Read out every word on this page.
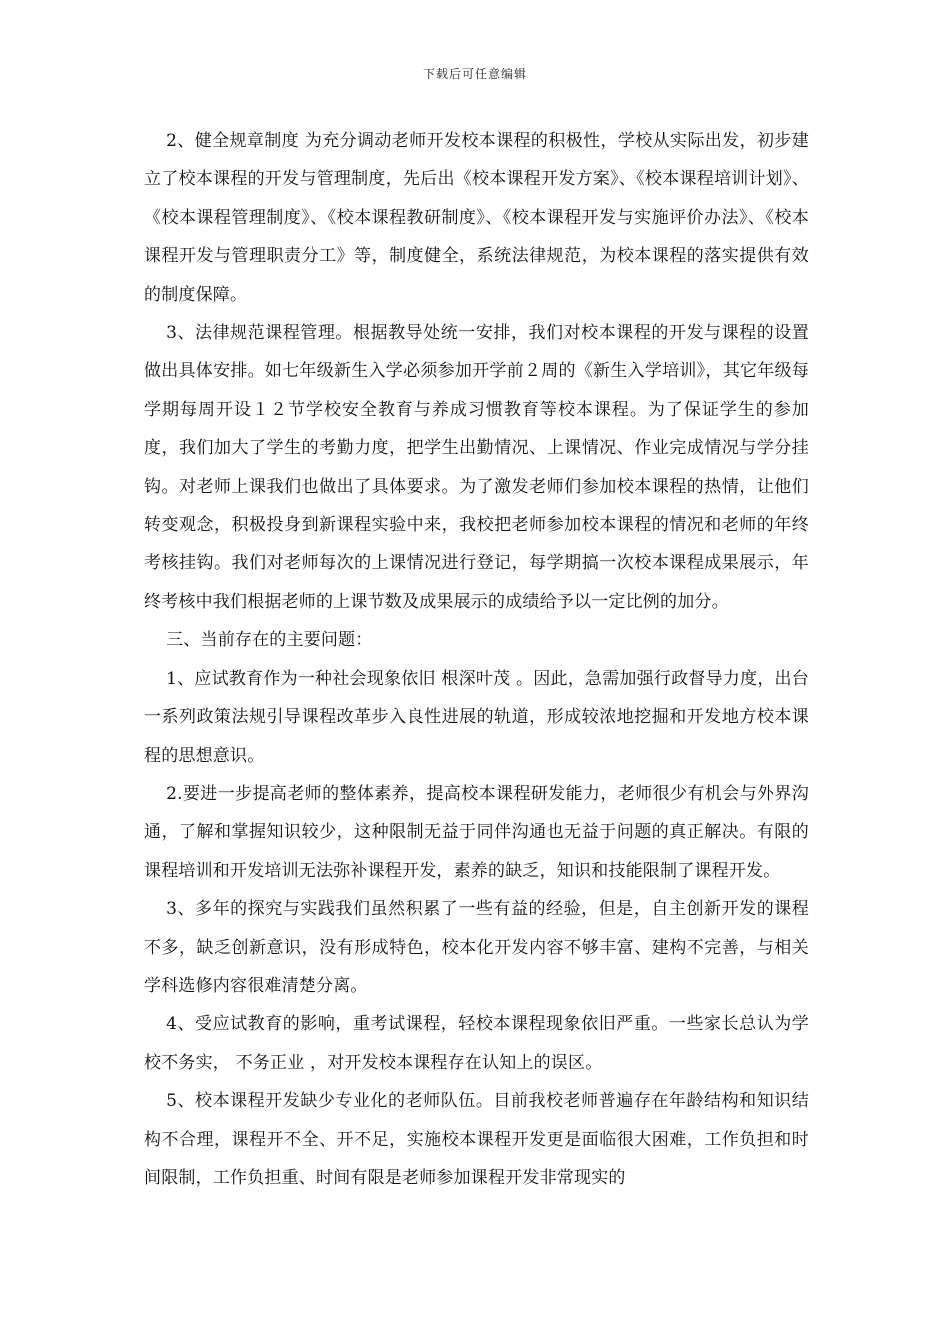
下载后可任意编辑

2、健全规章制度 为充分调动老师开发校本课程的积极性，学校从实际出发，初步建立了校本课程的开发与管理制度，先后出《校本课程开发方案》、《校本课程培训计划》、《校本课程管理制度》、《校本课程教研制度》、《校本课程开发与实施评价办法》、《校本课程开发与管理职责分工》等，制度健全，系统法律规范，为校本课程的落实提供有效的制度保障。

3、法律规范课程管理。根据教导处统一安排，我们对校本课程的开发与课程的设置做出具体安排。如七年级新生入学必须参加开学前２周的《新生入学培训》，其它年级每学期每周开设１２节学校安全教育与养成习惯教育等校本课程。为了保证学生的参加度，我们加大了学生的考勤力度，把学生出勤情况、上课情况、作业完成情况与学分挂钩。对老师上课我们也做出了具体要求。为了激发老师们参加校本课程的热情，让他们转变观念，积极投身到新课程实验中来，我校把老师参加校本课程的情况和老师的年终考核挂钩。我们对老师每次的上课情况进行登记，每学期搞一次校本课程成果展示，年终考核中我们根据老师的上课节数及成果展示的成绩给予以一定比例的加分。

三、当前存在的主要问题：

1、应试教育作为一种社会现象依旧 根深叶茂 。因此，急需加强行政督导力度，出台一系列政策法规引导课程改革步入良性进展的轨道，形成较浓地挖掘和开发地方校本课程的思想意识。

2.要进一步提高老师的整体素养，提高校本课程研发能力，老师很少有机会与外界沟通，了解和掌握知识较少，这种限制无益于同伴沟通也无益于问题的真正解决。有限的课程培训和开发培训无法弥补课程开发，素养的缺乏，知识和技能限制了课程开发。

3、多年的探究与实践我们虽然积累了一些有益的经验，但是，自主创新开发的课程不多，缺乏创新意识，没有形成特色，校本化开发内容不够丰富、建构不完善，与相关学科选修内容很难清楚分离。

4、受应试教育的影响，重考试课程，轻校本课程现象依旧严重。一些家长总认为学校不务实， 不务正业 ，对开发校本课程存在认知上的误区。

5、校本课程开发缺少专业化的老师队伍。目前我校老师普遍存在年龄结构和知识结构不合理，课程开不全、开不足，实施校本课程开发更是面临很大困难，工作负担和时间限制，工作负担重、时间有限是老师参加课程开发非常现实的
